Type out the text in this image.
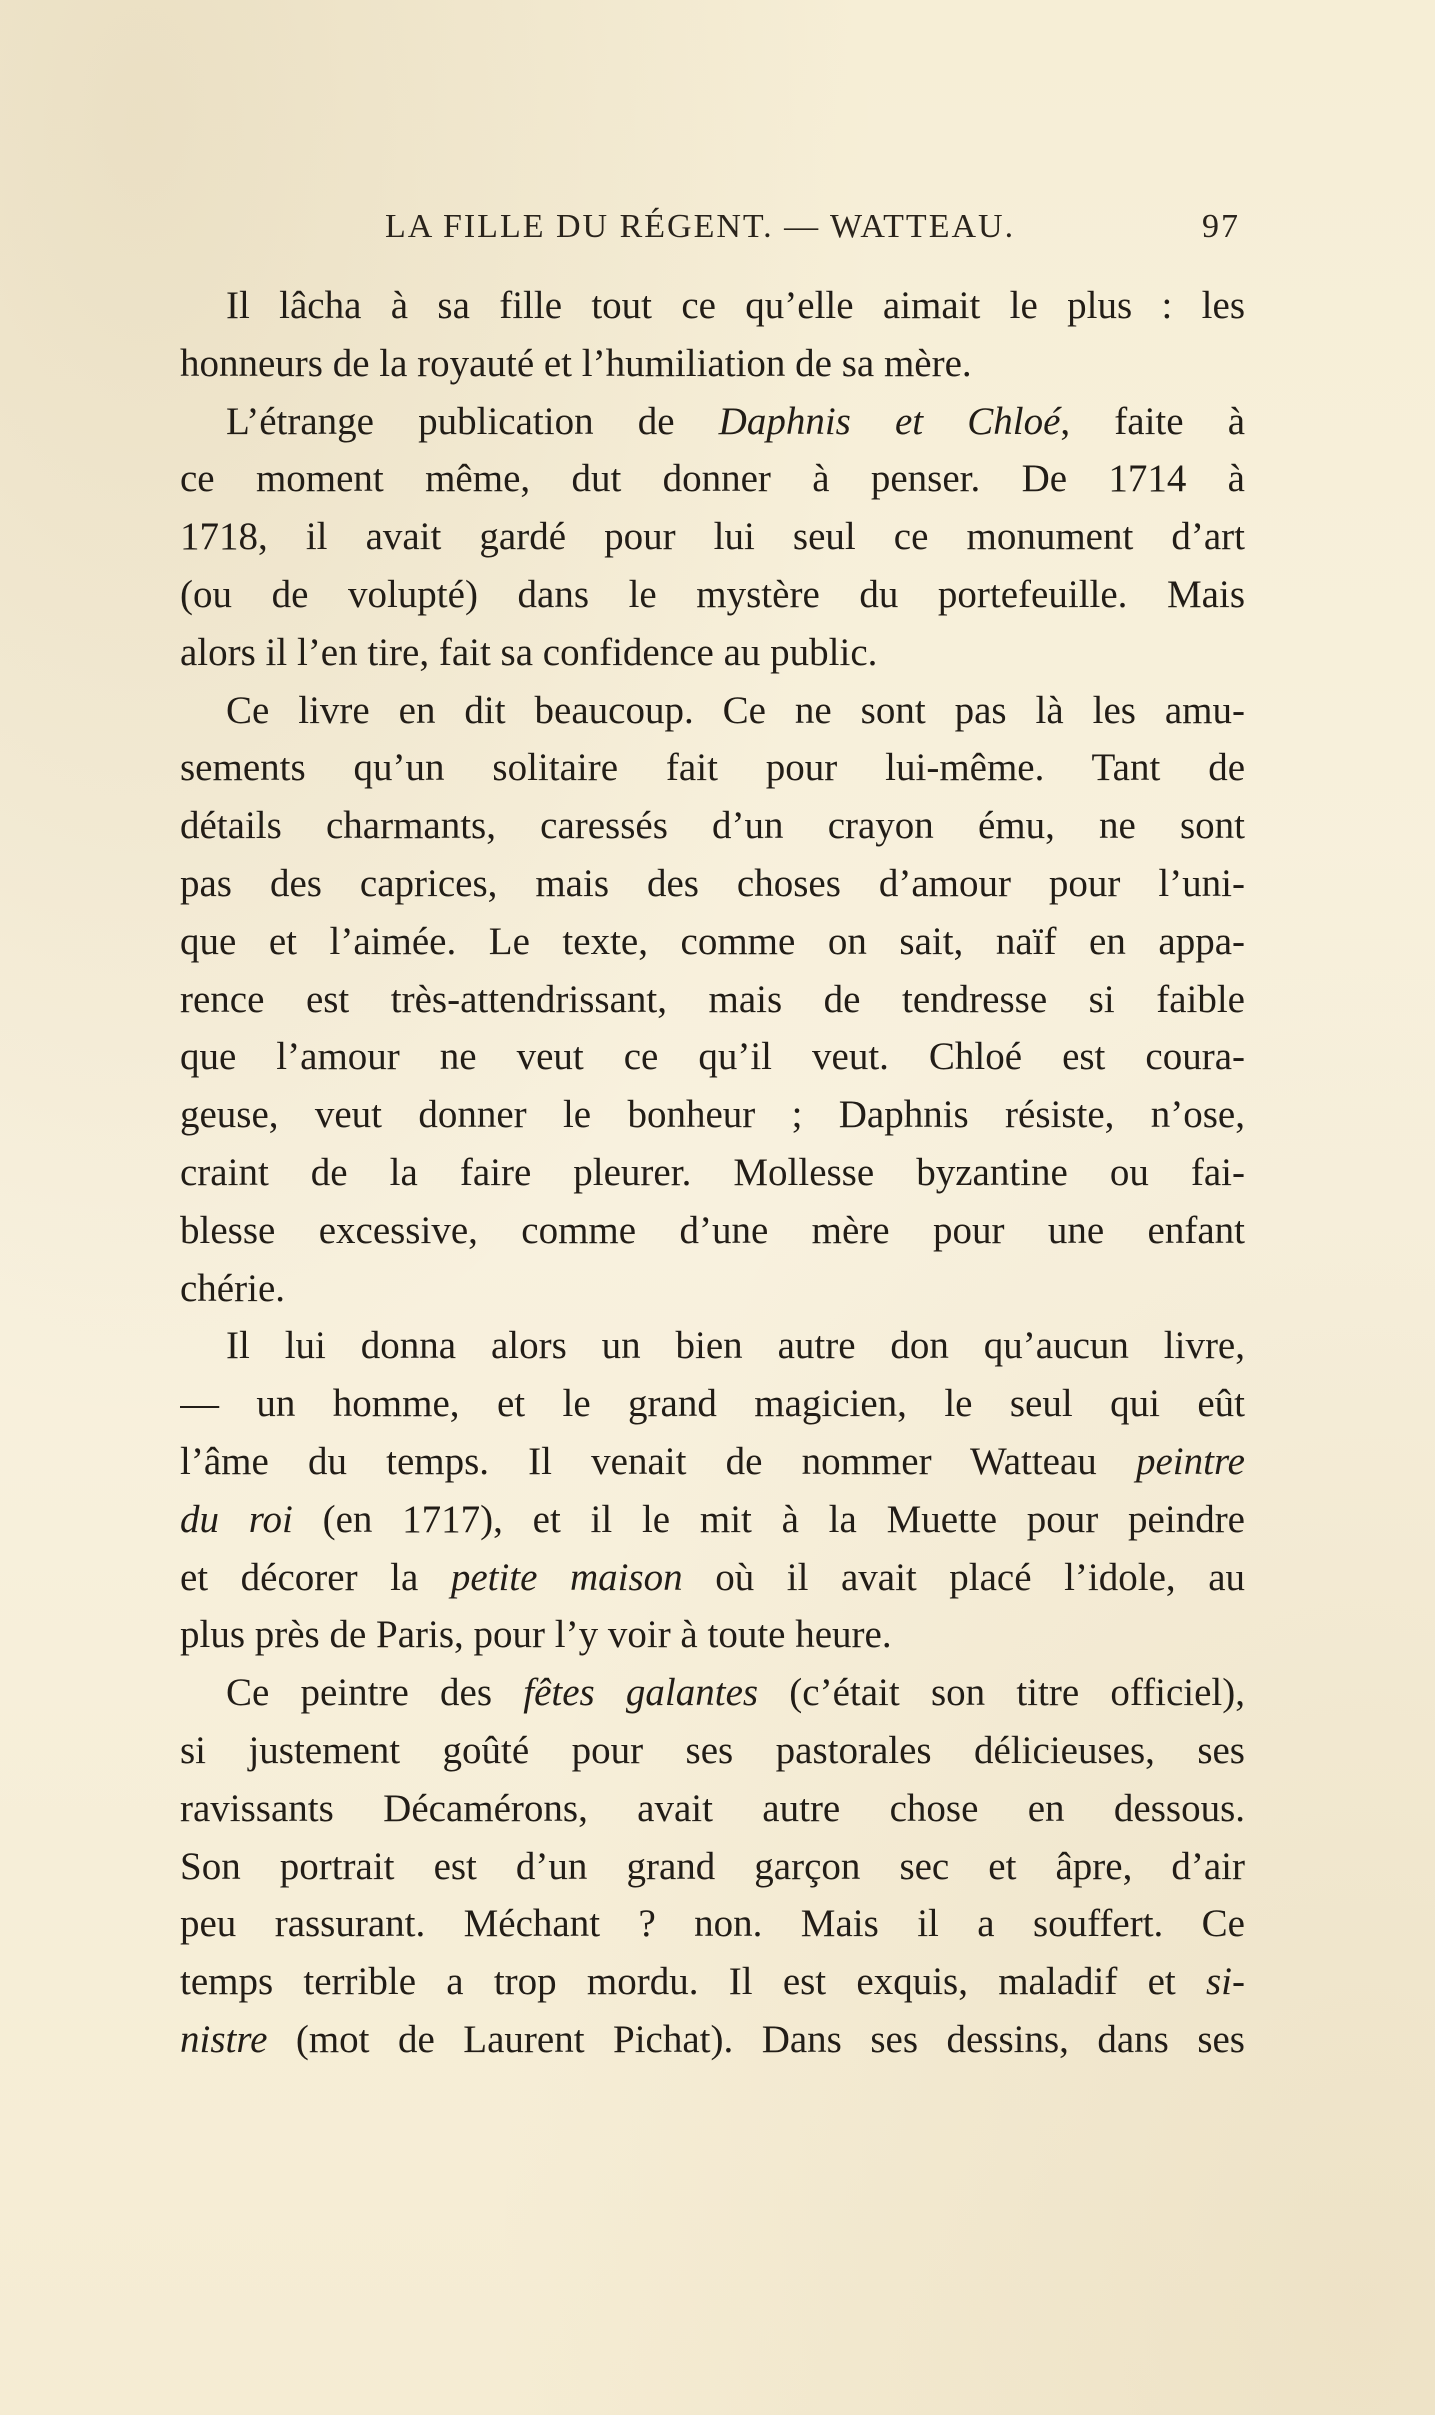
LA FILLE DU RÉGENT. — WATTEAU.	97
Il lâcha à sa fille tout ce qu’elle aimait le plus : les
honneurs de la royauté et l’humiliation de sa mère.
L’étrange publication de Daphnis et Chloé, faite à
ce moment même, dut donner à penser. De 1714 à
1718, il avait gardé pour lui seul ce monument d’art
(ou de volupté) dans le mystère du portefeuille. Mais
alors il l’en tire, fait sa confidence au public.
Ce livre en dit beaucoup. Ce ne sont pas là les amu-
sements qu’un solitaire fait pour lui-même. Tant de
détails charmants, caressés d’un crayon ému, ne sont
pas des caprices, mais des choses d’amour pour l’uni-
que et l’aimée. Le texte, comme on sait, naïf en appa-
rence est très-attendrissant, mais de tendresse si faible
que l’amour ne veut ce qu’il veut. Chloé est coura-
geuse, veut donner le bonheur ; Daphnis résiste, n’ose,
craint de la faire pleurer. Mollesse byzantine ou fai-
blesse excessive, comme d’une mère pour une enfant
chérie.
Il lui donna alors un bien autre don qu’aucun livre,
— un homme, et le grand magicien, le seul qui eût
l’âme du temps. Il venait de nommer Watteau peintre
du roi (en 1717), et il le mit à la Muette pour peindre
et décorer la petite maison où il avait placé l’idole, au
plus près de Paris, pour l’y voir à toute heure.
Ce peintre des fêtes galantes (c’était son titre officiel),
si justement goûté pour ses pastorales délicieuses, ses
ravissants Décamérons, avait autre chose en dessous.
Son portrait est d’un grand garçon sec et âpre, d’air
peu rassurant. Méchant ? non. Mais il a souffert. Ce
temps terrible a trop mordu. Il est exquis, maladif et si-
nistre (mot de Laurent Pichat). Dans ses dessins, dans ses
